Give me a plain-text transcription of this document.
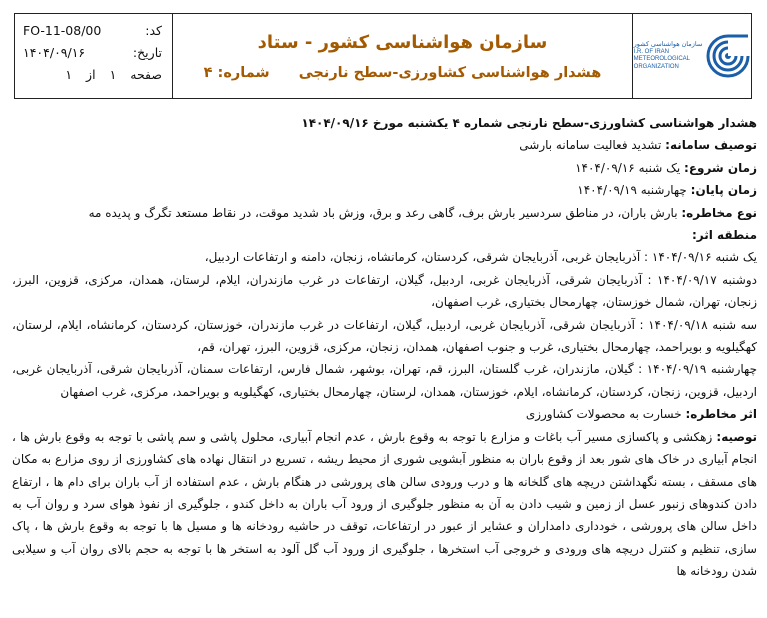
کد:
FO-11-08/00
تاریخ:
۱۴۰۴/۰۹/۱۶
صفحه
۱
از
۱
سازمان هواشناسی کشور - ستاد
هشدار هواشناسی کشاورزی-سطح نارنجی شماره: ۴
سازمان هواشناسی کشور
I.R. OF IRAN
METEOROLOGICAL
ORGANIZATION

هشدار هواشناسی کشاورزی-سطح نارنجی شماره ۴ یکشنبه مورخ ۱۴۰۴/۰۹/۱۶

توصیف سامانه: تشدید فعالیت سامانه بارشی

زمان شروع: یک شنبه ۱۴۰۴/۰۹/۱۶

زمان پایان: چهارشنبه ۱۴۰۴/۰۹/۱۹

نوع مخاطره: بارش باران، در مناطق سردسیر بارش برف، گاهی رعد و برق، وزش باد شدید موقت، در نقاط مستعد تگرگ و پدیده مه

منطقه اثر:

یک شنبه ۱۴۰۴/۰۹/۱۶ : آذربایجان غربی، آذربایجان شرقی، کردستان، کرمانشاه، زنجان، دامنه و ارتفاعات اردبیل،

دوشنبه ۱۴۰۴/۰۹/۱۷ : آذربایجان شرقی، آذربایجان غربی، اردبیل، گیلان، ارتفاعات در غرب مازندران، ایلام، لرستان، همدان، مرکزی، قزوین، البرز، زنجان، تهران، شمال خوزستان، چهارمحال بختیاری، غرب اصفهان،

سه شنبه ۱۴۰۴/۰۹/۱۸ : آذربایجان شرقی، آذربایجان غربی، اردبیل، گیلان، ارتفاعات در غرب مازندران، خوزستان، کردستان، کرمانشاه، ایلام، لرستان، کهگیلویه و بویراحمد، چهارمحال بختیاری، غرب و جنوب اصفهان، همدان، زنجان، مرکزی، قزوین، البرز، تهران، قم،

چهارشنبه ۱۴۰۴/۰۹/۱۹ : گیلان، مازندران، غرب گلستان، البرز، قم، تهران، بوشهر، شمال فارس، ارتفاعات سمنان، آذربایجان شرقی، آذربایجان غربی، اردبیل، قزوین، زنجان، کردستان، کرمانشاه، ایلام، خوزستان، همدان، لرستان، چهارمحال بختیاری، کهگیلویه و بویراحمد، مرکزی، غرب اصفهان

اثر مخاطره: خسارت به محصولات کشاورزی

توصیه: زهکشی و پاکسازی مسیر آب باغات و مزارع با توجه به وقوع بارش ، عدم انجام آبیاری، محلول پاشی و سم پاشی با توجه به وقوع بارش ها ، انجام آبیاری در خاک های شور بعد از وقوع باران به منظور آبشویی شوری از محیط ریشه ، تسریع در انتقال نهاده های کشاورزی از روی مزارع به مکان های مسقف ، بسته نگهداشتن دریچه های گلخانه ها و درب ورودی سالن های پرورشی در هنگام بارش ، عدم استفاده از آب باران برای دام ها ، ارتفاع دادن کندوهای زنبور عسل از زمین و شیب دادن به آن به منظور جلوگیری از ورود آب باران به داخل کندو ، جلوگیری از نفوذ هوای سرد و روان آب به داخل سالن های پرورشی ، خودداری دامداران و عشایر از عبور در ارتفاعات، توقف در حاشیه رودخانه ها و مسیل ها با توجه به وقوع بارش ها ، پاک سازی، تنظیم و کنترل دریچه های ورودی و خروجی آب استخرها ، جلوگیری از ورود آب گل آلود به استخر ها با توجه به حجم بالای روان آب و سیلابی شدن رودخانه ها
